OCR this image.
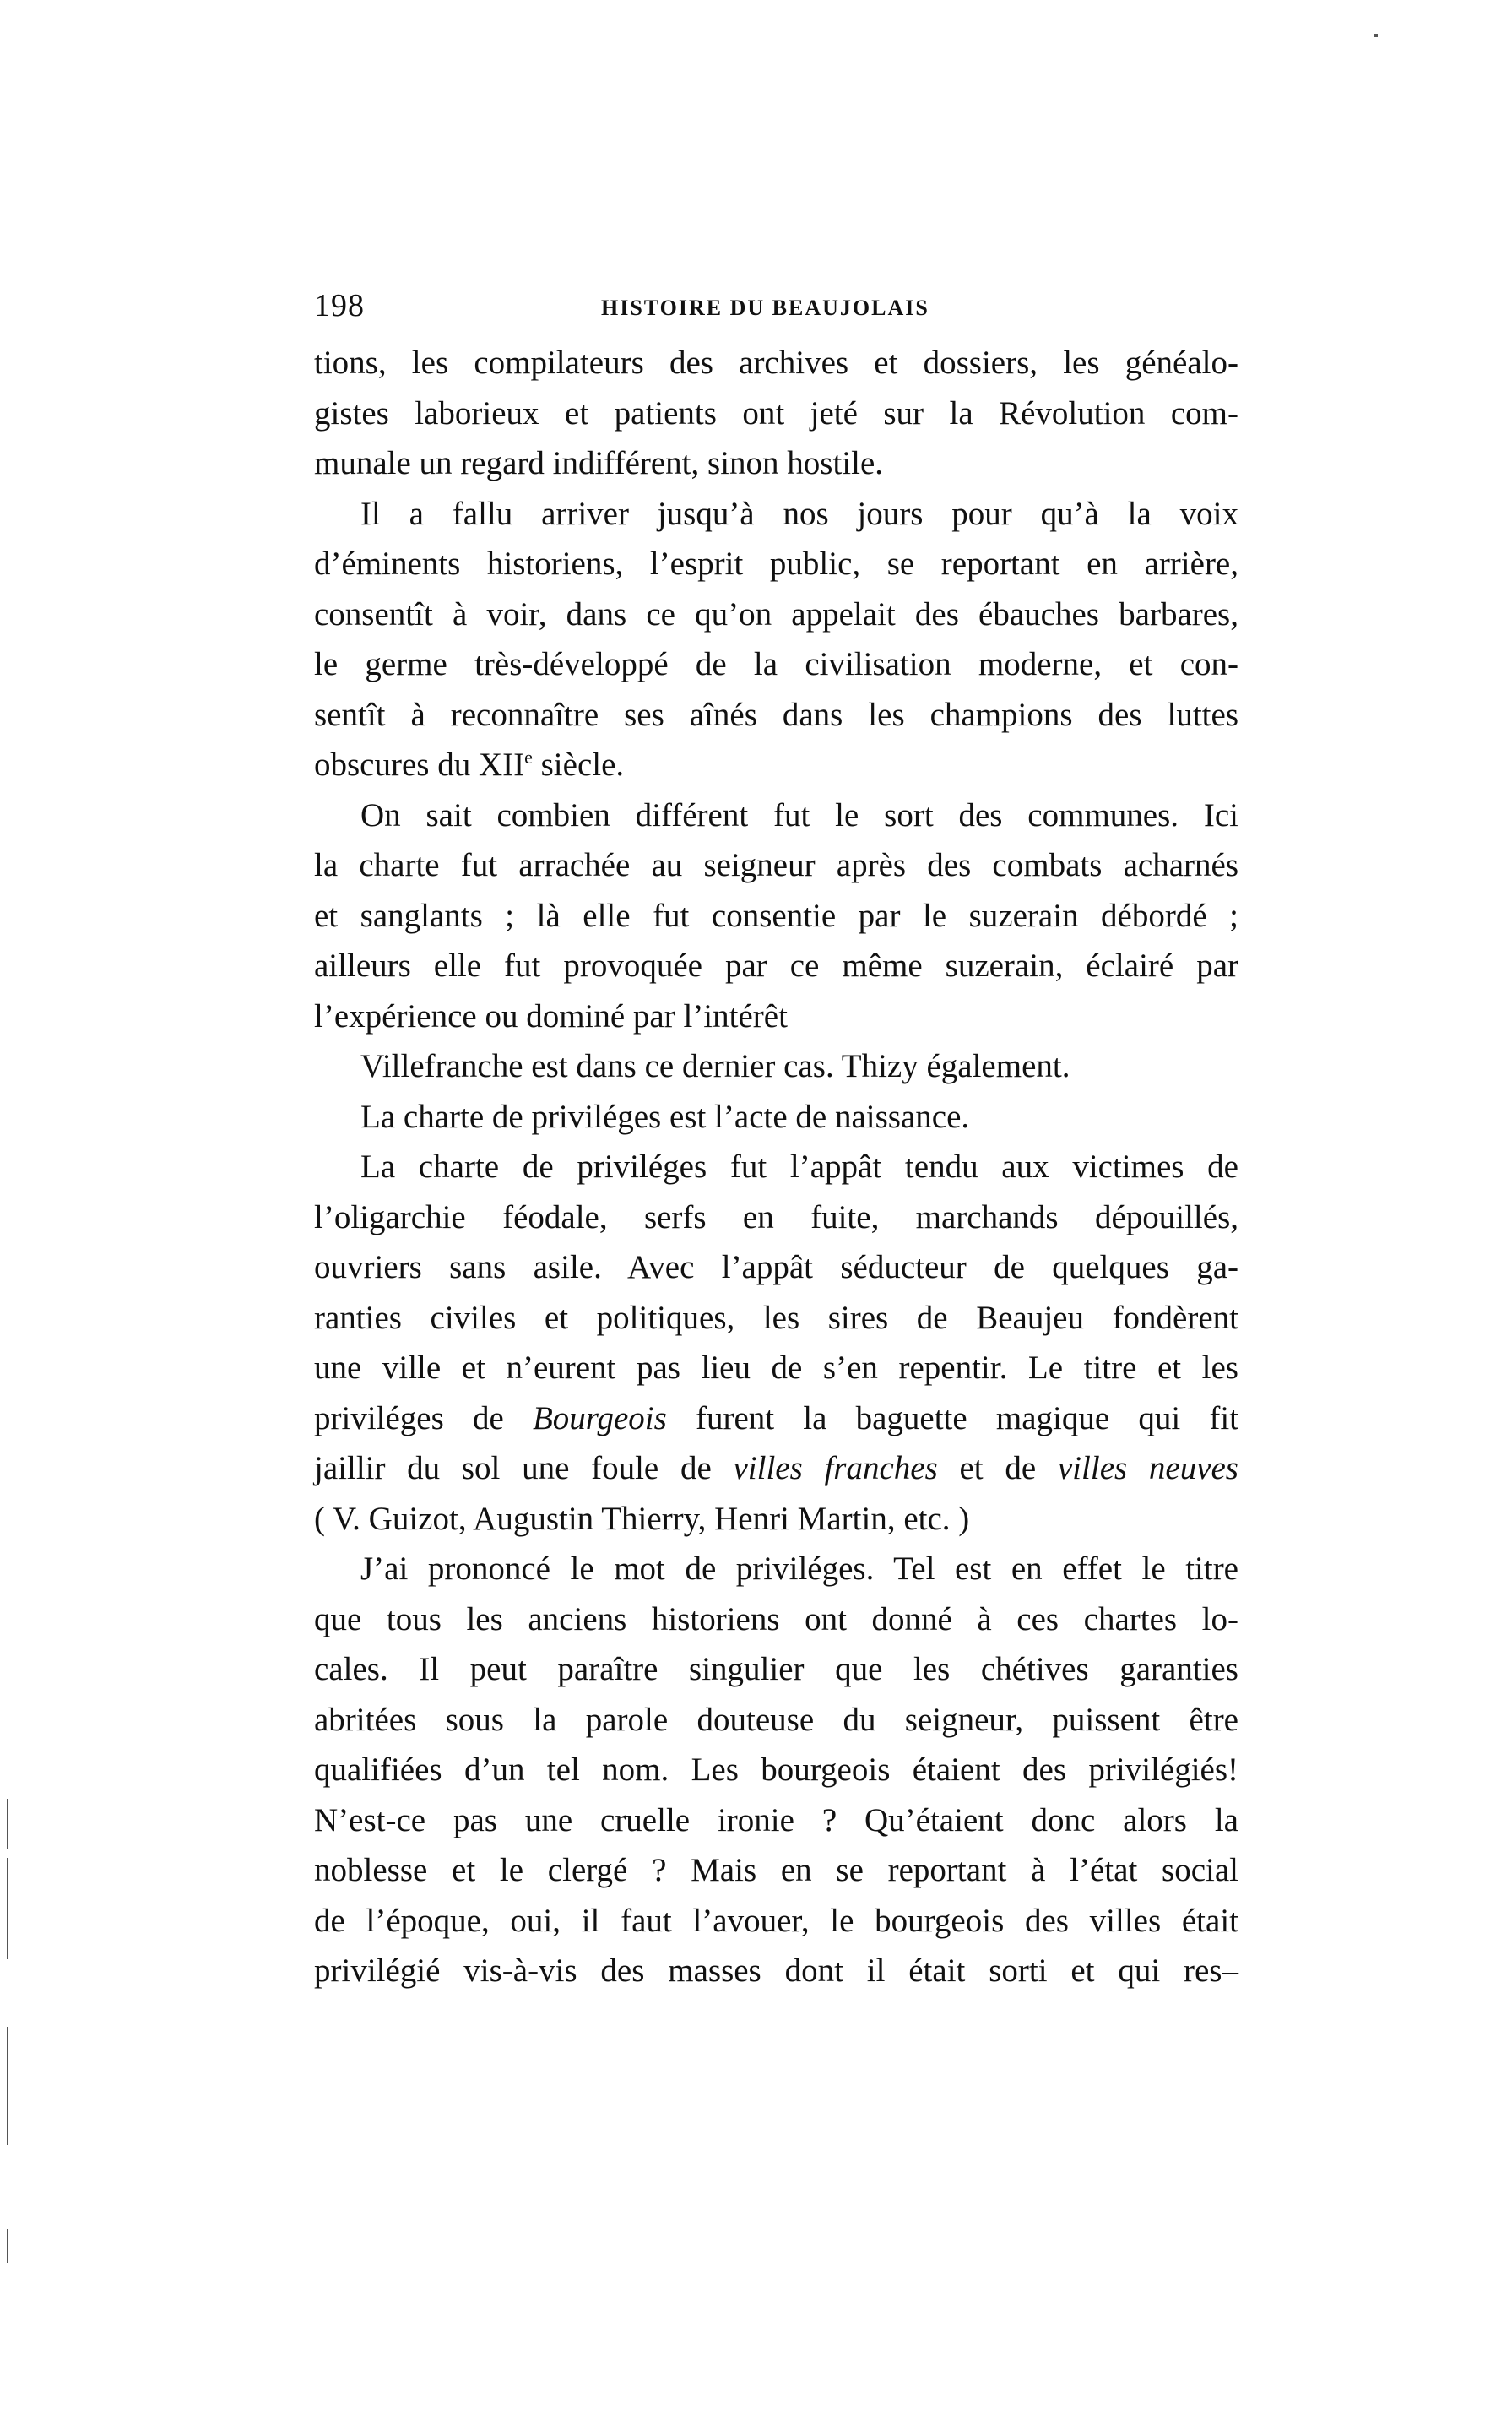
198	HISTOIRE DU BEAUJOLAIS

tions, les compilateurs des archives et dossiers, les généalo-
gistes laborieux et patients ont jeté sur la Révolution com-
munale un regard indifférent, sinon hostile.

Il a fallu arriver jusqu’à nos jours pour qu’à la voix
d’éminents historiens, l’esprit public, se reportant en arrière,
consentît à voir, dans ce qu’on appelait des ébauches barbares,
le germe très-développé de la civilisation moderne, et con-
sentît à reconnaître ses aînés dans les champions des luttes
obscures du XIIe siècle.
On sait combien différent fut le sort des communes. Ici

la charte fut arrachée au seigneur après des combats acharnés
et sanglants ; là elle fut consentie par le suzerain débordé ;
ailleurs elle fut provoquée par ce même suzerain, éclairé par
l’expérience ou dominé par l’intérêt

Villefranche est dans ce dernier cas. Thizy également.

La charte de priviléges est l’acte de naissance.

La charte de priviléges fut l’appât tendu aux victimes de
l’oligarchie féodale, serfs en fuite, marchands dépouillés,
ouvriers sans asile. Avec l’appât séducteur de quelques ga-
ranties civiles et politiques, les sires de Beaujeu fondèrent
une ville et n’eurent pas lieu de s’en repentir. Le titre et les
priviléges de Bourgeois furent la baguette magique qui fit
jaillir du sol une foule de villes franches et de villes neuves
( V. Guizot, Augustin Thierry, Henri Martin, etc. )

J’ai prononcé le mot de priviléges. Tel est en effet le titre
que tous les anciens historiens ont donné à ces chartes lo-
cales. Il peut paraître singulier que les chétives garanties
abritées sous la parole douteuse du seigneur, puissent être
qualifiées d’un tel nom. Les bourgeois étaient des privilégiés!
N’est-ce pas une cruelle ironie ? Qu’étaient donc alors la
noblesse et le clergé ? Mais en se reportant à l’état social
de l’époque, oui, il faut l’avouer, le bourgeois des villes était
privilégié vis-à-vis des masses dont il était sorti et qui res–
